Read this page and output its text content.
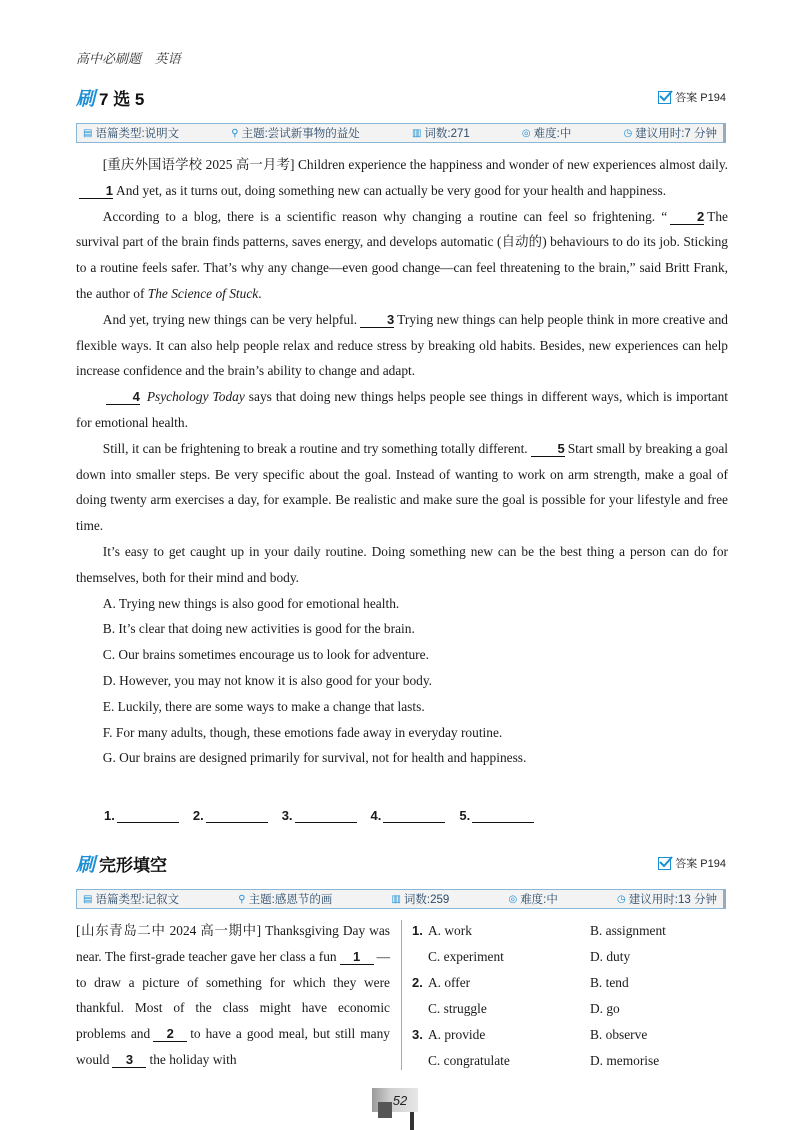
高中必刷题 英语
刷 7 选 5	答案 P194
▤ 语篇类型:说明文	⚲ 主题:尝试新事物的益处	▥ 词数:271	◎ 难度:中	◷ 建议用时:7 分钟

[重庆外国语学校 2025 高一月考] Children experience the happiness and wonder of new experiences almost daily.1 And yet, as it turns out, doing something new can actually be very good for your health and happiness.

According to a blog, there is a scientific reason why changing a routine can feel so frightening. “ 2 The survival part of the brain finds patterns, saves energy, and develops automatic (自动的) behaviours to do its job. Sticking to a routine feels safer. That’s why any change—even good change—can feel threatening to the brain,” said Britt Frank, the author of The Science of Stuck.

And yet, trying new things can be very helpful. 3 Trying new things can help people think in more creative and flexible ways. It can also help people relax and reduce stress by breaking old habits. Besides, new experiences can help increase confidence and the brain’s ability to change and adapt.

4 Psychology Today says that doing new things helps people see things in different ways, which is important for emotional health.

Still, it can be frightening to break a routine and try something totally different. 5 Start small by breaking a goal down into smaller steps. Be very specific about the goal. Instead of wanting to work on arm strength, make a goal of doing twenty arm exercises a day, for example. Be realistic and make sure the goal is possible for your lifestyle and free time.

It’s easy to get caught up in your daily routine. Doing something new can be the best thing a person can do for themselves, both for their mind and body.

A. Trying new things is also good for emotional health.
B. It’s clear that doing new activities is good for the brain.
C. Our brains sometimes encourage us to look for adventure.
D. However, you may not know it is also good for your body.
E. Luckily, there are some ways to make a change that lasts.
F. For many adults, though, these emotions fade away in everyday routine.
G. Our brains are designed primarily for survival, not for health and happiness.
1.	2.	3.	4.	5.
刷 完形填空	答案 P194
▤ 语篇类型:记叙文	⚲ 主题:感恩节的画	▥ 词数:259	◎ 难度:中	◷ 建议用时:13 分钟

[山东青岛二中 2024 高一期中] Thanksgiving Day was near. The first-grade teacher gave her class a fun 1 —to draw a picture of something for which they were thankful. Most of the class might have economic problems and 2 to have a good meal, but still many would 3 the holiday with

1. A. work	B. assignment
C. experiment	D. duty
2. A. offer	B. tend
C. struggle	D. go
3. A. provide	B. observe
C. congratulate	D. memorise
52
